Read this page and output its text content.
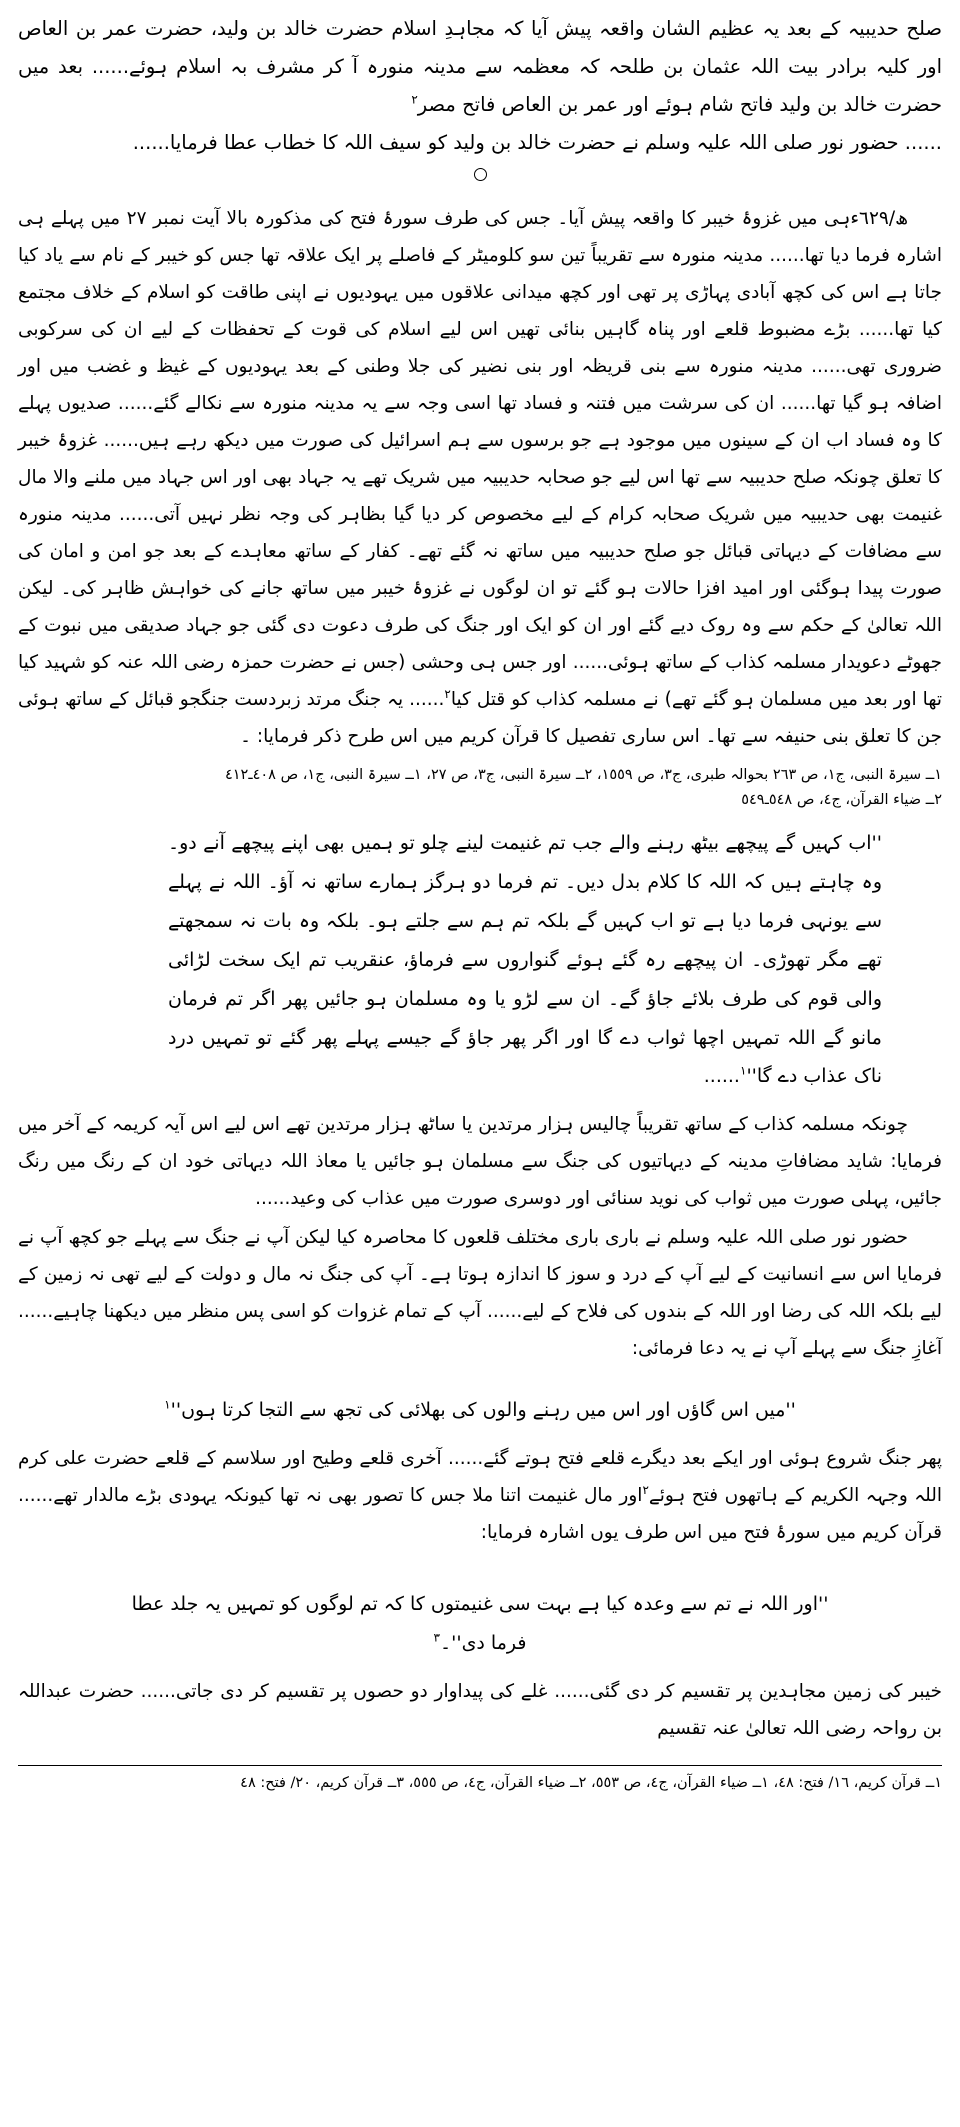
صلح حدیبیہ کے بعد یہ عظیم الشان واقعہ پیش آیا کہ مجاہدِ اسلام حضرت خالد بن ولید، حضرت عمر بن العاص اور کلیہ برادر بیت اللہ عثمان بن طلحہ کہ معظمہ سے مدینہ منورہ آ کر مشرف بہ اسلام ہوئے...... بعد میں حضرت خالد بن ولید فاتح شام ہوئے اور عمر بن العاص فاتح مصر$^٢$
...... حضور نور صلی اللہ علیہ وسلم نے حضرت خالد بن ولید کو سیف اللہ کا خطاب عطا فرمایا......
ھ/٦٢٩ءہی میں غزوۂ خیبر کا واقعہ پیش آیا۔ جس کی طرف سورۂ فتح کی مذکورہ بالا آیت نمبر ٢٧ میں پہلے ہی اشارہ فرما دیا تھا...... مدینہ منورہ سے تقریباً تین سو کلومیٹر کے فاصلے پر ایک علاقہ تھا جس کو خیبر کے نام سے یاد کیا جاتا ہے اس کی کچھ آبادی پہاڑی پر تھی اور کچھ میدانی علاقوں میں یہودیوں نے اپنی طاقت کو اسلام کے خلاف مجتمع کیا تھا...... بڑے مضبوط قلعے اور پناہ گاہیں بنائی تھیں اس لیے اسلام کی قوت کے تحفظات کے لیے ان کی سرکوبی ضروری تھی...... مدینہ منورہ سے بنی قریظہ اور بنی نضیر کی جلا وطنی کے بعد یہودیوں کے غیظ و غضب میں اور اضافہ ہو گیا تھا...... ان کی سرشت میں فتنہ و فساد تھا اسی وجہ سے یہ مدینہ منورہ سے نکالے گئے...... صدیوں پہلے کا وہ فساد اب ان کے سینوں میں موجود ہے جو برسوں سے ہم اسرائیل کی صورت میں دیکھ رہے ہیں...... غزوۂ خیبر کا تعلق چونکہ صلح حدیبیہ سے تھا اس لیے جو صحابہ حدیبیہ میں شریک تھے یہ جہاد بھی اور اس جہاد میں ملنے والا مال غنیمت بھی حدیبیہ میں شریک صحابہ کرام کے لیے مخصوص کر دیا گیا بظاہر کی وجہ نظر نہیں آتی...... مدینہ منورہ سے مضافات کے دیہاتی قبائل جو صلح حدیبیہ میں ساتھ نہ گئے تھے۔ کفار کے ساتھ معاہدے کے بعد جو امن و امان کی صورت پیدا ہوگئی اور امید افزا حالات ہو گئے تو ان لوگوں نے غزوۂ خیبر میں ساتھ جانے کی خواہش ظاہر کی۔ لیکن اللہ تعالیٰ کے حکم سے وہ روک دیے گئے اور ان کو ایک اور جنگ کی طرف دعوت دی گئی جو جہاد صدیقی میں نبوت کے جھوٹے دعویدار مسلمہ کذاب کے ساتھ ہوئی...... اور جس ہی وحشی (جس نے حضرت حمزہ رضی اللہ عنہ کو شہید کیا تھا اور بعد میں مسلمان ہو گئے تھے) نے مسلمہ کذاب کو قتل کیا$^٢$...... یہ جنگ مرتد زبردست جنگجو قبائل کے ساتھ ہوئی جن کا تعلق بنی حنیفہ سے تھا۔ اس ساری تفصیل کا قرآن کریم میں اس طرح ذکر فرمایا: ۔
١ــ سیرۃ النبی، ج١، ص ٢٦٣ بحوالہ طبری، ج٣، ص ١٥٥٩، ٢ــ سیرۃ النبی، ج٣، ص ٢٧، ١ــ سیرۃ النبی، ج١، ص ٤٠٨ـ٤١٢
٢ــ ضیاء القرآن، ج٤، ص ٥٤٨ـ٥٤٩
''اب کہیں گے پیچھے بیٹھ رہنے والے جب تم غنیمت لینے چلو تو ہمیں بھی اپنے پیچھے آنے دو۔ وہ چاہتے ہیں کہ اللہ کا کلام بدل دیں۔ تم فرما دو ہرگز ہمارے ساتھ نہ آؤ۔ اللہ نے پہلے سے یونہی فرما دیا ہے تو اب کہیں گے بلکہ تم ہم سے جلتے ہو۔ بلکہ وہ بات نہ سمجھتے تھے مگر تھوڑی۔ ان پیچھے رہ گئے ہوئے گنواروں سے فرماؤ، عنقریب تم ایک سخت لڑائی والی قوم کی طرف بلائے جاؤ گے۔ ان سے لڑو یا وہ مسلمان ہو جائیں پھر اگر تم فرمان مانو گے اللہ تمہیں اچھا ثواب دے گا اور اگر پھر جاؤ گے جیسے پہلے پھر گئے تو تمہیں درد ناک عذاب دے $گا''^١$......
چونکہ مسلمہ کذاب کے ساتھ تقریباً چالیس ہزار مرتدین یا ساٹھ ہزار مرتدین تھے اس لیے اس آیہ کریمہ کے آخر میں فرمایا: شاید مضافاتِ مدینہ کے دیہاتیوں کی جنگ سے مسلمان ہو جائیں یا معاذ اللہ دیہاتی خود ان کے رنگ میں رنگ جائیں، پہلی صورت میں ثواب کی نوید سنائی اور دوسری صورت میں عذاب کی وعید......
حضور نور صلی اللہ علیہ وسلم نے باری باری مختلف قلعوں کا محاصرہ کیا لیکن آپ نے جنگ سے پہلے جو کچھ آپ نے فرمایا اس سے انسانیت کے لیے آپ کے درد و سوز کا اندازہ ہوتا ہے۔ آپ کی جنگ نہ مال و دولت کے لیے تھی نہ زمین کے لیے بلکہ اللہ کی رضا اور اللہ کے بندوں کی فلاح کے لیے...... آپ کے تمام غزوات کو اسی پس منظر میں دیکھنا چاہیے...... آغازِ جنگ سے پہلے آپ نے یہ دعا فرمائی:
''میں اس گاؤں اور اس میں رہنے والوں کی بھلائی کی تجھ سے التجا کرتا $ہوں''^١$
پھر جنگ شروع ہوئی اور ایکے بعد دیگرے قلعے فتح ہوتے گئے...... آخری قلعے وطیح اور سلاسم کے قلعے حضرت علی کرم اللہ وجہہ الکریم کے ہاتھوں فتح ہوئے$^٢$اور مال غنیمت اتنا ملا جس کا تصور بھی نہ تھا کیونکہ یہودی بڑے مالدار تھے...... قرآن کریم میں سورۂ فتح میں اس طرف یوں اشارہ فرمایا:
''اور اللہ نے تم سے وعدہ کیا ہے بہت سی غنیمتوں کا کہ تم لوگوں کو تمہیں یہ جلد عطا فرما دی''۔$^٣$
خیبر کی زمین مجاہدین پر تقسیم کر دی گئی...... غلے کی پیداوار دو حصوں پر تقسیم کر دی جاتی...... حضرت عبداللہ بن رواحہ رضی اللہ تعالیٰ عنہ تقسیم
١ــ قرآن کریم، ١٦/ فتح: ٤٨، ١ــ ضیاء القرآن، ج٤، ص ٥٥٣، ٢ــ ضیاء القرآن، ج٤، ص ٥٥٥، ٣ــ قرآن کریم، ٢٠/ فتح: ٤٨
